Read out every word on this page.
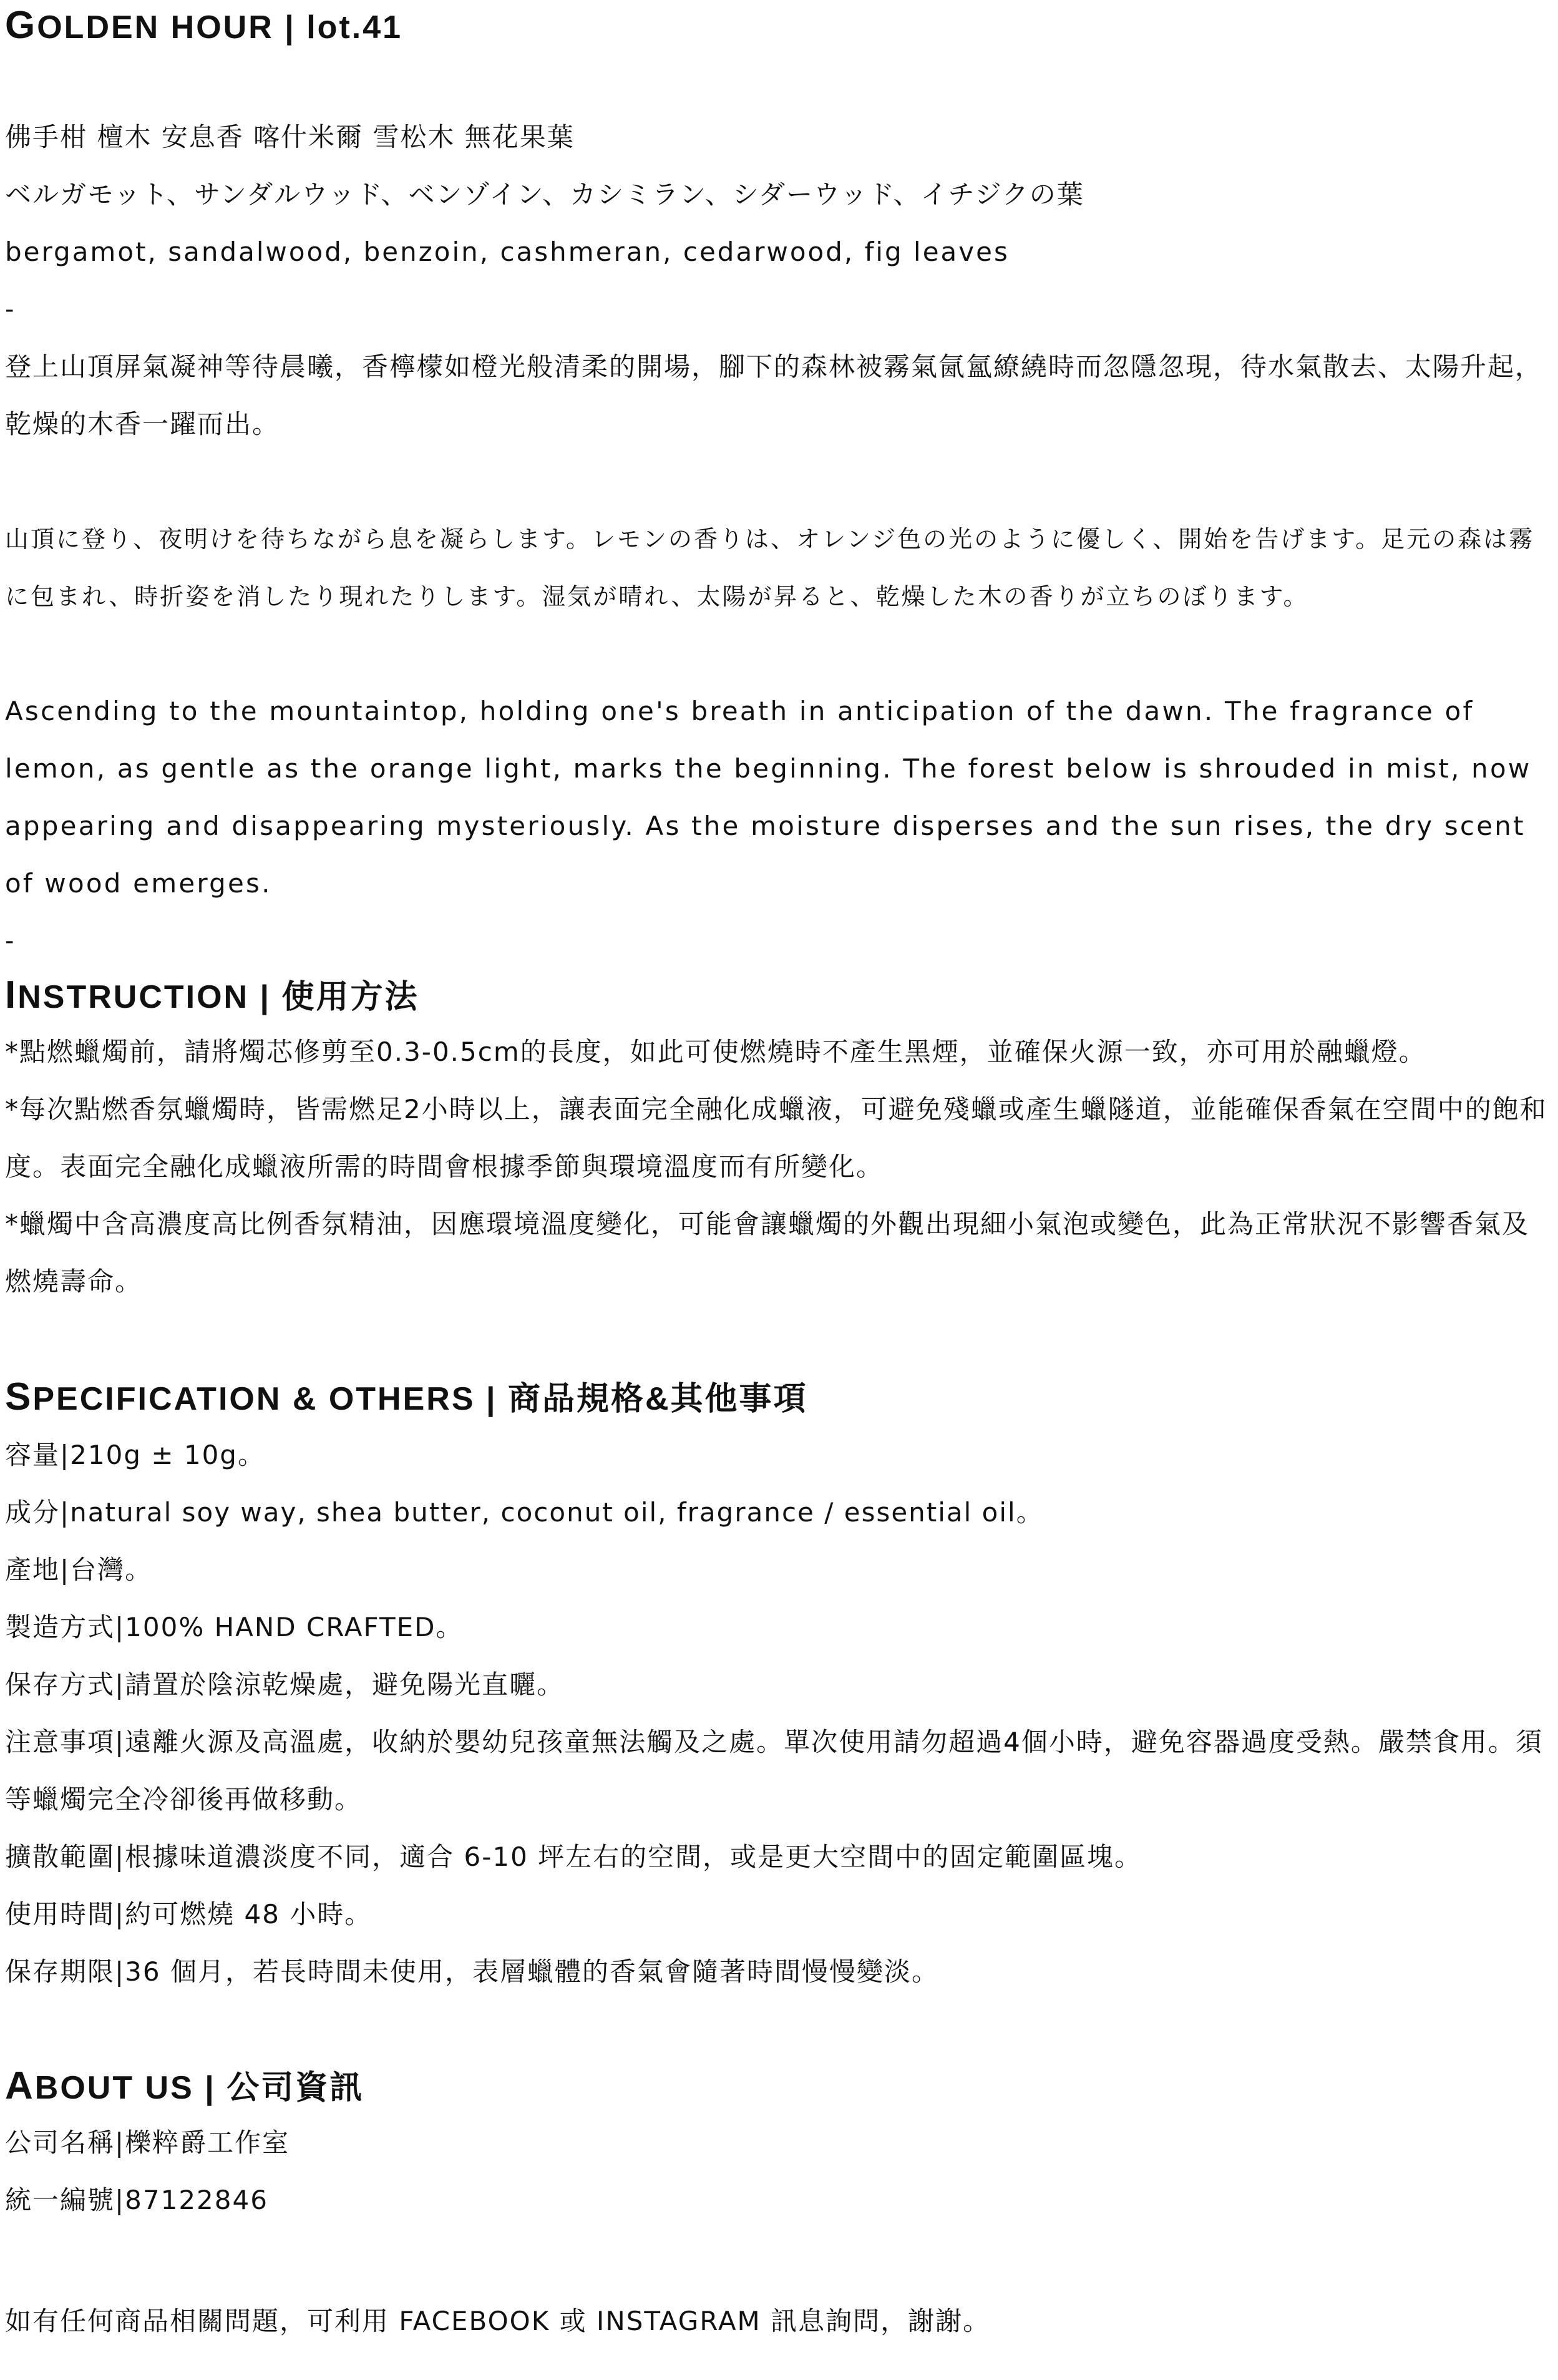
GOLDEN HOUR | lot.41

佛手柑 檀木 安息香 喀什米爾 雪松木 無花果葉

ベルガモット、サンダルウッド、ベンゾイン、カシミラン、シダーウッド、イチジクの葉

bergamot, sandalwood, benzoin, cashmeran, cedarwood, fig leaves

-

登上山頂屏氣凝神等待晨曦，香檸檬如橙光般清柔的開場，腳下的森林被霧氣氤氳繚繞時而忽隱忽現，待水氣散去、太陽升起，乾燥的木香一躍而出。

山頂に登り、夜明けを待ちながら息を凝らします。レモンの香りは、オレンジ色の光のように優しく、開始を告げます。足元の森は霧に包まれ、時折姿を消したり現れたりします。湿気が晴れ、太陽が昇ると、乾燥した木の香りが立ちのぼります。

Ascending to the mountaintop, holding one's breath in anticipation of the dawn. The fragrance of lemon, as gentle as the orange light, marks the beginning. The forest below is shrouded in mist, now appearing and disappearing mysteriously. As the moisture disperses and the sun rises, the dry scent of wood emerges.

-

INSTRUCTION | 使用方法

*點燃蠟燭前，請將燭芯修剪至0.3-0.5cm的長度，如此可使燃燒時不產生黑煙，並確保火源一致，亦可用於融蠟燈。

*每次點燃香氛蠟燭時，皆需燃足2小時以上，讓表面完全融化成蠟液，可避免殘蠟或產生蠟隧道，並能確保香氣在空間中的飽和度。表面完全融化成蠟液所需的時間會根據季節與環境溫度而有所變化。

*蠟燭中含高濃度高比例香氛精油，因應環境溫度變化，可能會讓蠟燭的外觀出現細小氣泡或變色，此為正常狀況不影響香氣及燃燒壽命。

SPECIFICATION & OTHERS | 商品規格&其他事項

容量|210g ± 10g。

成分|natural soy way, shea butter, coconut oil, fragrance / essential oil。

產地|台灣。

製造方式|100% HAND CRAFTED。

保存方式|請置於陰涼乾燥處，避免陽光直曬。

注意事項|遠離火源及高溫處，收納於嬰幼兒孩童無法觸及之處。單次使用請勿超過4個小時，避免容器過度受熱。嚴禁食用。須等蠟燭完全冷卻後再做移動。

擴散範圍|根據味道濃淡度不同，適合 6-10 坪左右的空間，或是更大空間中的固定範圍區塊。

使用時間|約可燃燒 48 小時。

保存期限|36 個月，若長時間未使用，表層蠟體的香氣會隨著時間慢慢變淡。

ABOUT US | 公司資訊

公司名稱|櫟粹爵工作室

統一編號|87122846

如有任何商品相關問題，可利用 FACEBOOK 或 INSTAGRAM 訊息詢問，謝謝。
